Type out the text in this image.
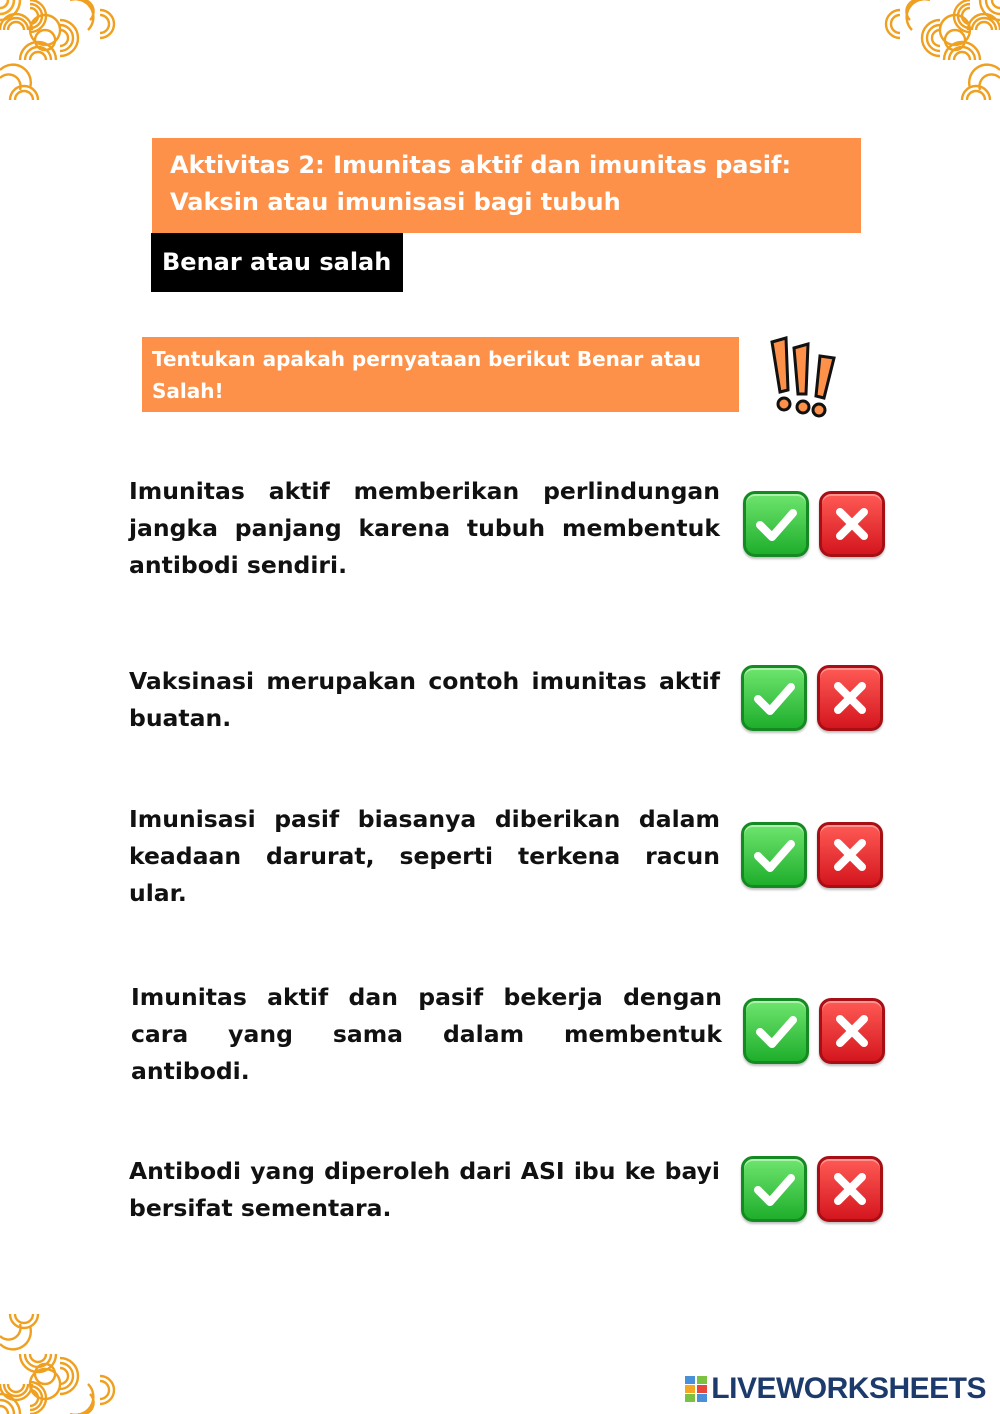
Aktivitas 2: Imunitas aktif dan imunitas pasif:
Vaksin atau imunisasi bagi tubuh
Benar atau salah
Tentukan apakah pernyataan berikut Benar atau
Salah!
Imunitas aktif memberikan perlindungan
jangka panjang karena tubuh membentuk
antibodi sendiri.
Vaksinasi merupakan contoh imunitas aktif
buatan.
Imunisasi pasif biasanya diberikan dalam
keadaan darurat, seperti terkena racun
ular.
Imunitas aktif dan pasif bekerja dengan
cara yang sama dalam membentuk
antibodi.
Antibodi yang diperoleh dari ASI ibu ke bayi
bersifat sementara.
LIVEWORKSHEETS
